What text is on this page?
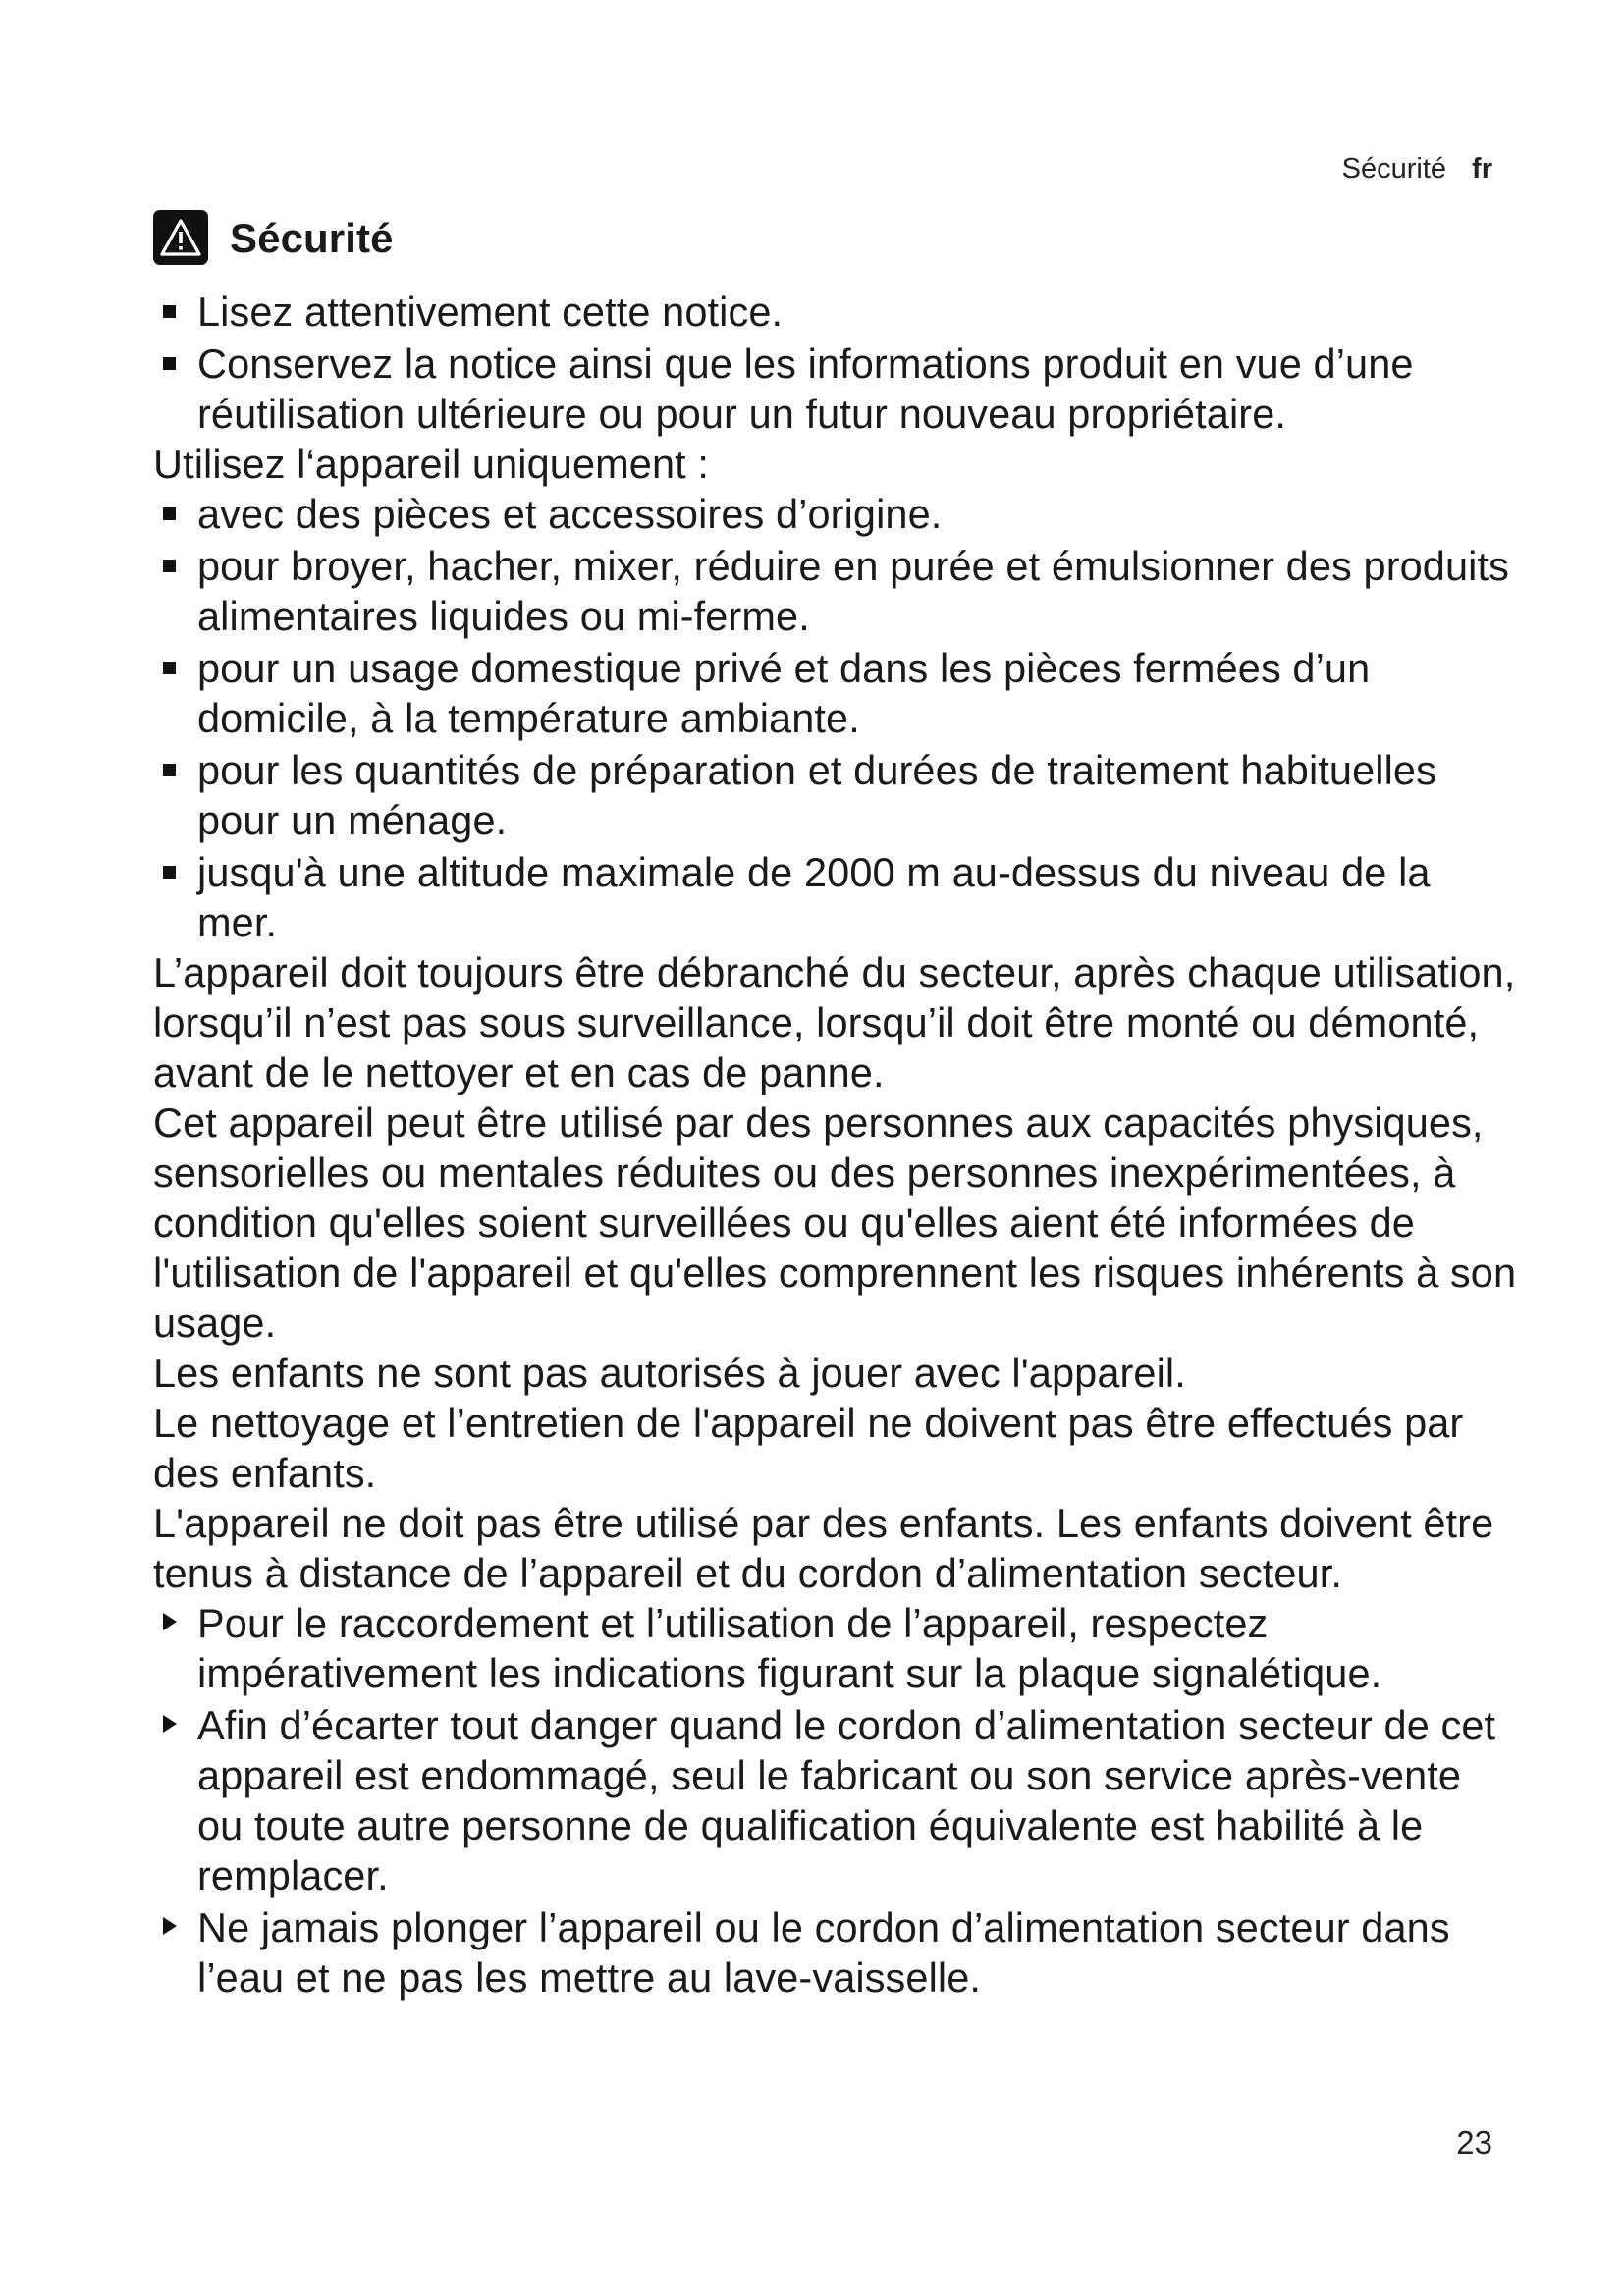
Sécurité fr
Sécurité
Lisez attentivement cette notice.
Conservez la notice ainsi que les informations produit en vue d’une réutilisation ultérieure ou pour un futur nouveau propriétaire.

Utilisez l‘appareil uniquement :

avec des pièces et accessoires d’origine.
pour broyer, hacher, mixer, réduire en purée et émulsionner des produits alimentaires liquides ou mi-ferme.
pour un usage domestique privé et dans les pièces fermées d’un domicile, à la température ambiante.
pour les quantités de préparation et durées de traitement habituelles pour un ménage.
jusqu'à une altitude maximale de 2000 m au-dessus du niveau de la mer.

L’appareil doit toujours être débranché du secteur, après chaque utilisation, lorsqu’il n’est pas sous surveillance, lorsqu’il doit être monté ou démonté, avant de le nettoyer et en cas de panne.

Cet appareil peut être utilisé par des personnes aux capacités physiques, sensorielles ou mentales réduites ou des personnes inexpérimentées, à condition qu'elles soient surveillées ou qu'elles aient été informées de l'utilisation de l'appareil et qu'elles comprennent les risques inhérents à son usage.

Les enfants ne sont pas autorisés à jouer avec l'appareil.

Le nettoyage et l’entretien de l'appareil ne doivent pas être effectués par des enfants.

L'appareil ne doit pas être utilisé par des enfants. Les enfants doivent être tenus à distance de l’appareil et du cordon d’alimentation secteur.

Pour le raccordement et l’utilisation de l’appareil, respectez impérativement les indications figurant sur la plaque signalétique.
Afin d’écarter tout danger quand le cordon d’alimentation secteur de cet appareil est endommagé, seul le fabricant ou son service après-vente ou toute autre personne de qualification équivalente est habilité à le remplacer.
Ne jamais plonger l’appareil ou le cordon d’alimentation secteur dans l’eau et ne pas les mettre au lave-vaisselle.
23
